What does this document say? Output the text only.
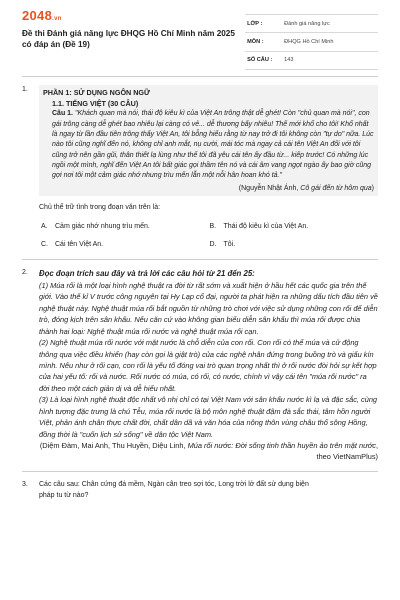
2048.vn
Đề thi Đánh giá năng lực ĐHQG Hồ Chí Minh năm 2025 có đáp án (Đề 19)
LỚP :	Đánh giá năng lực
MÔN :	ĐHQG Hồ Chí Minh
SỐ CÂU :	143
1. PHẦN 1: SỬ DỤNG NGÔN NGỮ
1.1. TIẾNG VIỆT (30 CÂU)
Câu 1. "Khách quan mà nói, thái độ kiêu kì của Việt An trông thật dễ ghét! Còn "chủ quan mà nói", con gái trông càng dễ ghét bao nhiêu lại càng có vẻ... dễ thương bấy nhiêu! Thế mới khổ cho tôi! Khổ nhất là ngay từ lần đầu tiên trông thấy Việt An, tôi bỗng hiểu rằng từ nay trở đi tôi không còn "tự do" nữa. Lúc nào tôi cũng nghĩ đến nó, không chỉ anh mắt, nụ cười, mái tóc mà ngay cả cái tên Việt An đối với tôi cũng trở nên gần gũi, thân thiết lạ lùng như thể tôi đã yêu cái tên ấy đầu từ... kiếp trước! Có những lúc ngồi một mình, nghĩ đến Việt An tôi bất giác gọi thầm tên nó và cái âm vang ngọt ngào ấy bao giờ cũng gợi nơi tôi một cảm giác nhớ nhung trìu mến lẫn một nỗi hân hoan khó tả."
(Nguyễn Nhật Ánh, Cô gái đến từ hôm qua)
Chủ thể trữ tình trong đoạn văn trên là:
A.	Cảm giác nhớ nhung trìu mến.	B.	Thái độ kiêu kì của Việt An.
C.	Cái tên Việt An.	D.	Tôi.
2. Đọc đoạn trích sau đây và trả lời các câu hỏi từ 21 đến 25:

(1) Múa rối là một loại hình nghệ thuật ra đời từ rất sớm và xuất hiện ở hầu hết các quốc gia trên thế giới. Vào thế kỉ V trước công nguyên tại Hy Lạp cổ đại, người ta phát hiện ra những dấu tích đầu tiên về nghệ thuật này. Nghệ thuật múa rối bắt nguồn từ những trò chơi với việc sử dụng những con rối để diễn trò, đóng kịch trên sân khấu. Nếu căn cứ vào không gian biểu diễn sân khấu thì múa rối được chia thành hai loại: Nghệ thuật múa rối nước và nghệ thuật múa rối cạn.

(2) Nghệ thuật múa rối nước với mặt nước là chỗ diễn của con rối. Con rối có thể múa và cử động thông qua việc điều khiển (hay còn gọi là giật trò) của các nghệ nhân đứng trong buồng trò và giấu kín mình. Nếu như ở rối cạn, con rối là yếu tố đóng vai trò quan trọng nhất thì ở rối nước đòi hỏi sự kết hợp của hai yếu tố: rối và nước. Rối nước có múa, có rối, có nước, chính vì vậy cái tên "múa rối nước" ra đời theo một cách giản dị và dễ hiểu nhất.

(3) Là loại hình nghệ thuật độc nhất vô nhị chỉ có tại Việt Nam với sân khấu nước kì lạ và đặc sắc, cùng hình tượng đặc trưng là chú Tễu, múa rối nước là bộ môn nghệ thuật đậm đà sắc thái, tâm hồn người Việt, phản ánh chân thực chất đời, chất dân dã và văn hóa của nông thôn vùng châu thổ sông Hồng, đồng thời là "cuốn lịch sử sống" về dân tộc Việt Nam.

(Diệm Đàm, Mai Anh, Thu Huyền, Diệu Linh, Múa rối nước: Đời sống tinh thần huyền ảo trên mặt nước, theo VietNamPlus)
3. Các câu sau: Chân cứng đá mềm, Ngàn cân treo sợi tóc, Long trời lở đất sử dụng biện pháp tu từ nào?
